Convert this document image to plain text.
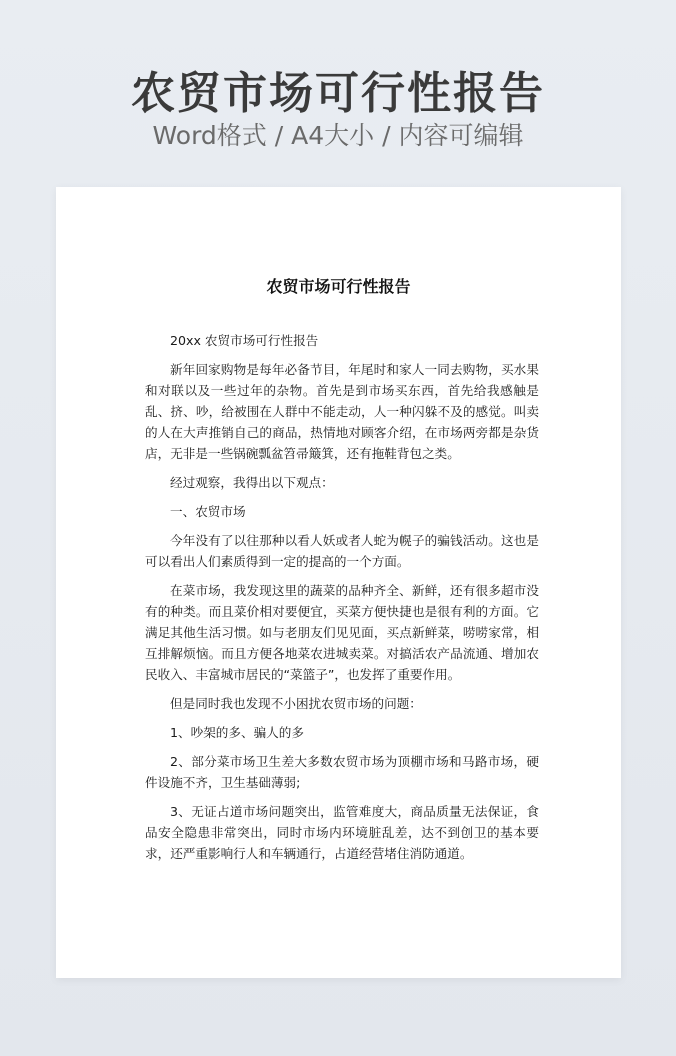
农贸市场可行性报告
Word格式 / A4大小 / 内容可编辑
农贸市场可行性报告

20xx 农贸市场可行性报告

新年回家购物是每年必备节目，年尾时和家人一同去购物，买水果和对联以及一些过年的杂物。首先是到市场买东西，首先给我感触是乱、挤、吵，给被围在人群中不能走动，人一种闪躲不及的感觉。叫卖的人在大声推销自己的商品，热情地对顾客介绍，在市场两旁都是杂货店，无非是一些锅碗瓢盆笤帚簸箕，还有拖鞋背包之类。

经过观察，我得出以下观点：

一、农贸市场

今年没有了以往那种以看人妖或者人蛇为幌子的骗钱活动。这也是可以看出人们素质得到一定的提高的一个方面。

在菜市场，我发现这里的蔬菜的品种齐全、新鲜，还有很多超市没有的种类。而且菜价相对要便宜，买菜方便快捷也是很有利的方面。它满足其他生活习惯。如与老朋友们见见面，买点新鲜菜，唠唠家常，相互排解烦恼。而且方便各地菜农进城卖菜。对搞活农产品流通、增加农民收入、丰富城市居民的“菜篮子”，也发挥了重要作用。

但是同时我也发现不小困扰农贸市场的问题：

1、吵架的多、骗人的多

2、部分菜市场卫生差大多数农贸市场为顶棚市场和马路市场，硬件设施不齐，卫生基础薄弱;

3、无证占道市场问题突出，监管难度大，商品质量无法保证，食品安全隐患非常突出，同时市场内环境脏乱差，达不到创卫的基本要求，还严重影响行人和车辆通行，占道经营堵住消防通道。
